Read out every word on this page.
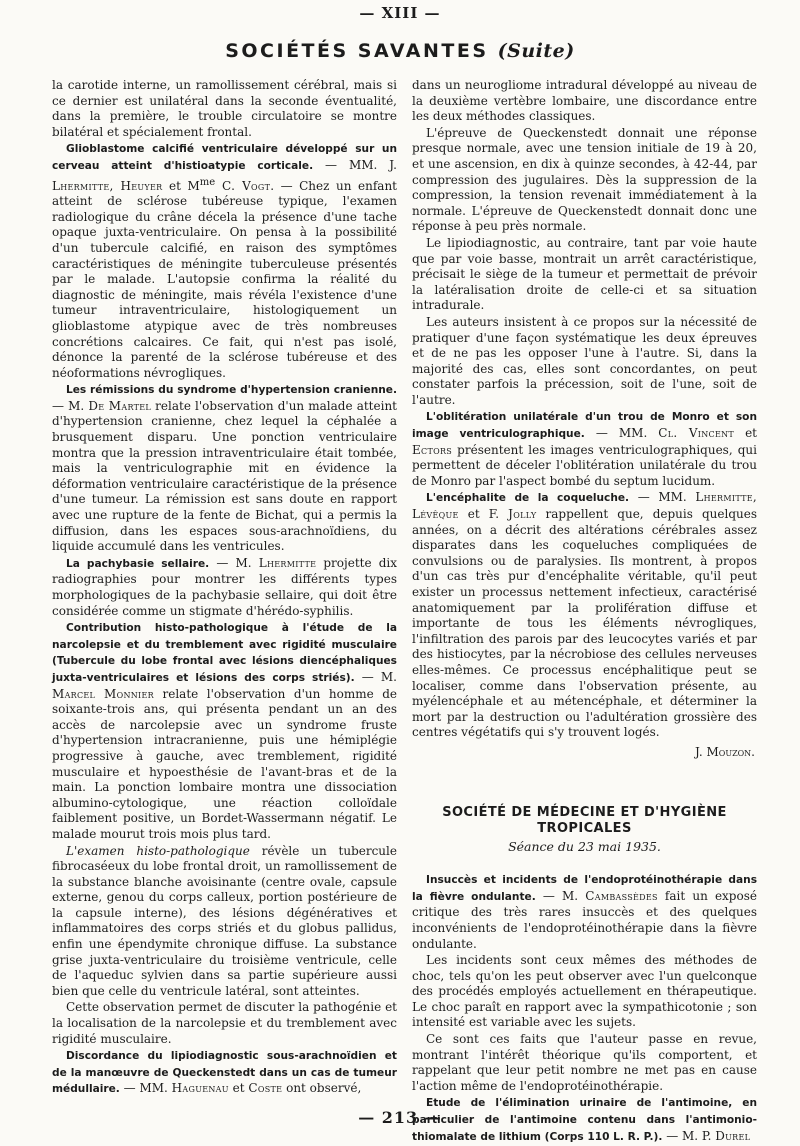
— XIII —
SOCIÉTÉS SAVANTES (Suite)

la carotide interne, un ramollissement cérébral, mais si ce dernier est unilatéral dans la seconde éventualité, dans la première, le trouble circulatoire se montre bilatéral et spécialement frontal.

Glioblastome calcifié ventriculaire développé sur un cerveau atteint d'histioatypie corticale. — MM. J. Lhermitte, Heuyer et $M^{me}$ C. Vogt. — Chez un enfant atteint de sclérose tubéreuse typique, l'examen radiologique du crâne décela la présence d'une tache opaque juxta-ventriculaire. On pensa à la possibilité d'un tubercule calcifié, en raison des symptômes caractéristiques de méningite tuberculeuse présentés par le malade. L'autopsie confirma la réalité du diagnostic de méningite, mais révéla l'existence d'une tumeur intraventriculaire, histologiquement un glioblastome atypique avec de très nombreuses concrétions calcaires. Ce fait, qui n'est pas isolé, dénonce la parenté de la sclérose tubéreuse et des néoformations névrogliques.

Les rémissions du syndrome d'hypertension cranienne. — M. De Martel relate l'observation d'un malade atteint d'hypertension cranienne, chez lequel la céphalée a brusquement disparu. Une ponction ventriculaire montra que la pression intraventriculaire était tombée, mais la ventriculographie mit en évidence la déformation ventriculaire caractéristique de la présence d'une tumeur. La rémission est sans doute en rapport avec une rupture de la fente de Bichat, qui a permis la diffusion, dans les espaces sous-arachnoïdiens, du liquide accumulé dans les ventricules.

La pachybasie sellaire. — M. Lhermitte projette dix radiographies pour montrer les différents types morphologiques de la pachybasie sellaire, qui doit être considérée comme un stigmate d'hérédo-syphilis.

Contribution histo-pathologique à l'étude de la narcolepsie et du tremblement avec rigidité musculaire (Tubercule du lobe frontal avec lésions diencéphaliques juxta-ventriculaires et lésions des corps striés). — M. Marcel Monnier relate l'observation d'un homme de soixante-trois ans, qui présenta pendant un an des accès de narcolepsie avec un syndrome fruste d'hypertension intracranienne, puis une hémiplégie progressive à gauche, avec tremblement, rigidité musculaire et hypoesthésie de l'avant-bras et de la main. La ponction lombaire montra une dissociation albumino-cytologique, une réaction colloïdale faiblement positive, un Bordet-Wassermann négatif. Le malade mourut trois mois plus tard.

L'examen histo-pathologique révèle un tubercule fibrocaséeux du lobe frontal droit, un ramollissement de la substance blanche avoisinante (centre ovale, capsule externe, genou du corps calleux, portion postérieure de la capsule interne), des lésions dégénératives et inflammatoires des corps striés et du globus pallidus, enfin une épendymite chronique diffuse. La substance grise juxta-ventriculaire du troisième ventricule, celle de l'aqueduc sylvien dans sa partie supérieure aussi bien que celle du ventricule latéral, sont atteintes.

Cette observation permet de discuter la pathogénie et la localisation de la narcolepsie et du tremblement avec rigidité musculaire.

Discordance du lipiodiagnostic sous-arachnoïdien et de la manœuvre de Queckenstedt dans un cas de tumeur médullaire. — MM. Haguenau et Coste ont observé,

dans un neurogliome intradural développé au niveau de la deuxième vertèbre lombaire, une discordance entre les deux méthodes classiques.

L'épreuve de Queckenstedt donnait une réponse presque normale, avec une tension initiale de 19 à 20, et une ascension, en dix à quinze secondes, à 42-44, par compression des jugulaires. Dès la suppression de la compression, la tension revenait immédiatement à la normale. L'épreuve de Queckenstedt donnait donc une réponse à peu près normale.

Le lipiodiagnostic, au contraire, tant par voie haute que par voie basse, montrait un arrêt caractéristique, précisait le siège de la tumeur et permettait de prévoir la latéralisation droite de celle-ci et sa situation intradurale.

Les auteurs insistent à ce propos sur la nécessité de pratiquer d'une façon systématique les deux épreuves et de ne pas les opposer l'une à l'autre. Si, dans la majorité des cas, elles sont concordantes, on peut constater parfois la précession, soit de l'une, soit de l'autre.

L'oblitération unilatérale d'un trou de Monro et son image ventriculographique. — MM. Cl. Vincent et Ectors présentent les images ventriculographiques, qui permettent de déceler l'oblitération unilatérale du trou de Monro par l'aspect bombé du septum lucidum.

L'encéphalite de la coqueluche. — MM. Lhermitte, Lévêque et F. Jolly rappellent que, depuis quelques années, on a décrit des altérations cérébrales assez disparates dans les coqueluches compliquées de convulsions ou de paralysies. Ils montrent, à propos d'un cas très pur d'encéphalite véritable, qu'il peut exister un processus nettement infectieux, caractérisé anatomiquement par la prolifération diffuse et importante de tous les éléments névrogliques, l'infiltration des parois par des leucocytes variés et par des histiocytes, par la nécrobiose des cellules nerveuses elles-mêmes. Ce processus encéphalitique peut se localiser, comme dans l'observation présente, au myélencéphale et au métencéphale, et déterminer la mort par la destruction ou l'adultération grossière des centres végétatifs qui s'y trouvent logés.

J. Mouzon.

SOCIÉTÉ DE MÉDECINE ET D'HYGIÈNE
TROPICALES

Séance du 23 mai 1935.

Insuccès et incidents de l'endoprotéinothérapie dans la fièvre ondulante. — M. Cambassèdes fait un exposé critique des très rares insuccès et des quelques inconvénients de l'endoprotéinothérapie dans la fièvre ondulante.

Les incidents sont ceux mêmes des méthodes de choc, tels qu'on les peut observer avec l'un quelconque des procédés employés actuellement en thérapeutique. Le choc paraît en rapport avec la sympathicotonie ; son intensité est variable avec les sujets.

Ce sont ces faits que l'auteur passe en revue, montrant l'intérêt théorique qu'ils comportent, et rappelant que leur petit nombre ne met pas en cause l'action même de l'endoprotéinothérapie.

Etude de l'élimination urinaire de l'antimoine, en particulier de l'antimoine contenu dans l'antimonio-thiomalate de lithium (Corps 110 L. R. P.). — M. P. Durel

— 213 —
